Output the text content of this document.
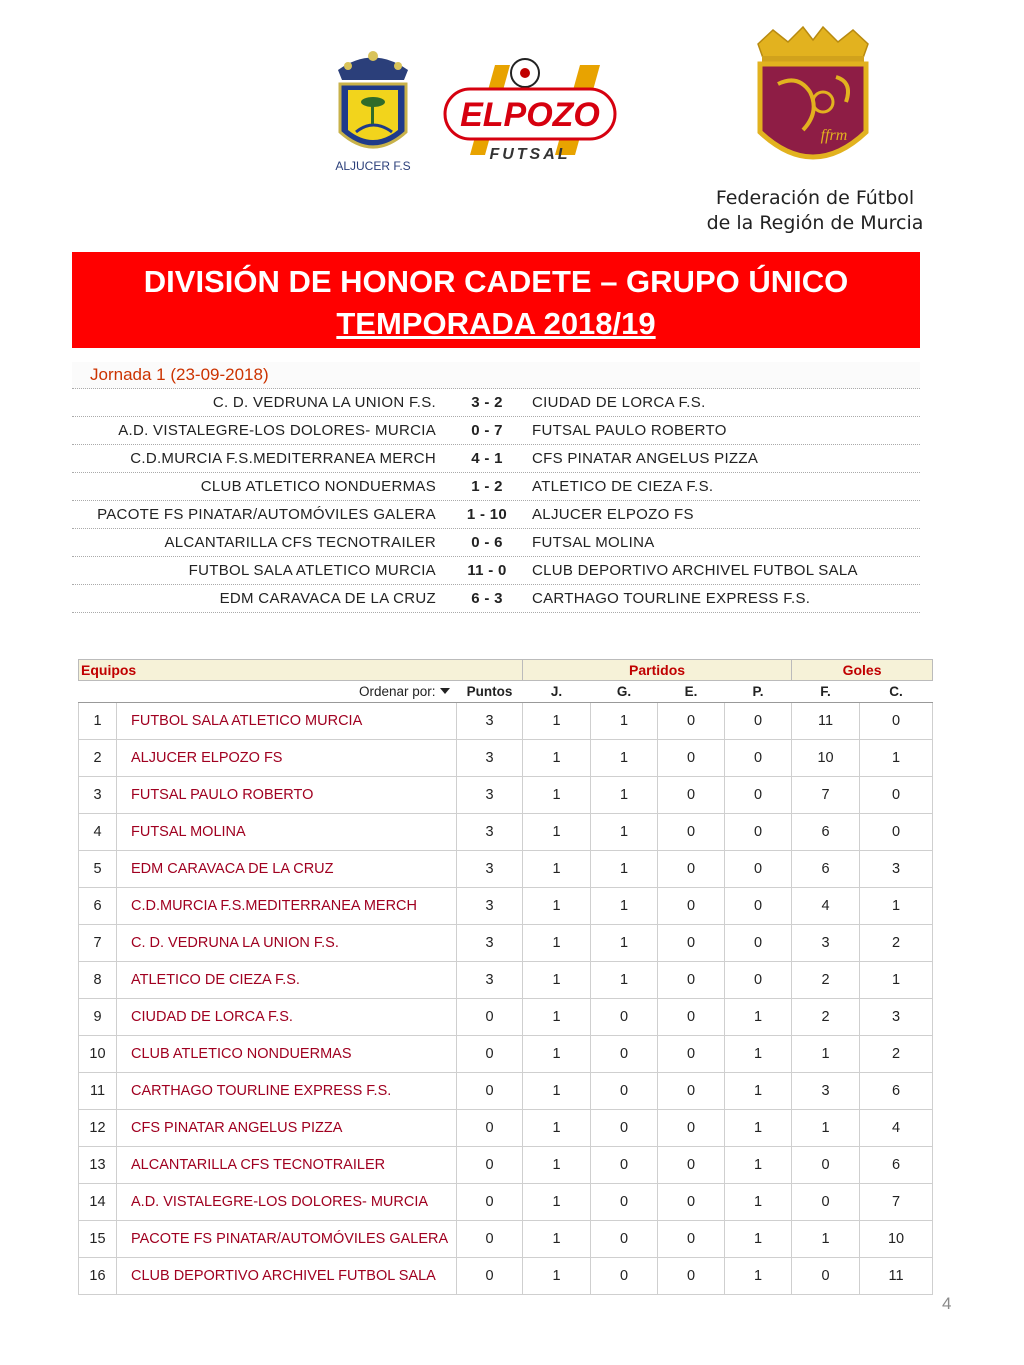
ALJUCER F.S
ELPOZO
FUTSAL
ffrm
Federación de Fútbol
de la Región de Murcia
DIVISIÓN DE HONOR CADETE – GRUPO ÚNICO
TEMPORADA 2018/19
Jornada 1 (23-09-2018)
C. D. VEDRUNA LA UNION F.S.	3 - 2	CIUDAD DE LORCA F.S.
A.D. VISTALEGRE-LOS DOLORES- MURCIA	0 - 7	FUTSAL PAULO ROBERTO
C.D.MURCIA F.S.MEDITERRANEA MERCH	4 - 1	CFS PINATAR ANGELUS PIZZA
CLUB ATLETICO NONDUERMAS	1 - 2	ATLETICO DE CIEZA F.S.
PACOTE FS PINATAR/AUTOMÓVILES GALERA	1 - 10	ALJUCER ELPOZO FS
ALCANTARILLA CFS TECNOTRAILER	0 - 6	FUTSAL MOLINA
FUTBOL SALA ATLETICO MURCIA	11 - 0	CLUB DEPORTIVO ARCHIVEL FUTBOL SALA
EDM CARAVACA DE LA CRUZ	6 - 3	CARTHAGO TOURLINE EXPRESS F.S.
Equipos			Partidos				Goles	
Ordenar por:		Puntos	J.	G.	E.	P.	F.	C.
1	FUTBOL SALA ATLETICO MURCIA	3	1	1	0	0	11	0
2	ALJUCER ELPOZO FS	3	1	1	0	0	10	1
3	FUTSAL PAULO ROBERTO	3	1	1	0	0	7	0
4	FUTSAL MOLINA	3	1	1	0	0	6	0
5	EDM CARAVACA DE LA CRUZ	3	1	1	0	0	6	3
6	C.D.MURCIA F.S.MEDITERRANEA MERCH	3	1	1	0	0	4	1
7	C. D. VEDRUNA LA UNION F.S.	3	1	1	0	0	3	2
8	ATLETICO DE CIEZA F.S.	3	1	1	0	0	2	1
9	CIUDAD DE LORCA F.S.	0	1	0	0	1	2	3
10	CLUB ATLETICO NONDUERMAS	0	1	0	0	1	1	2
11	CARTHAGO TOURLINE EXPRESS F.S.	0	1	0	0	1	3	6
12	CFS PINATAR ANGELUS PIZZA	0	1	0	0	1	1	4
13	ALCANTARILLA CFS TECNOTRAILER	0	1	0	0	1	0	6
14	A.D. VISTALEGRE-LOS DOLORES- MURCIA	0	1	0	0	1	0	7
15	PACOTE FS PINATAR/AUTOMÓVILES GALERA	0	1	0	0	1	1	10
16	CLUB DEPORTIVO ARCHIVEL FUTBOL SALA	0	1	0	0	1	0	11
4
